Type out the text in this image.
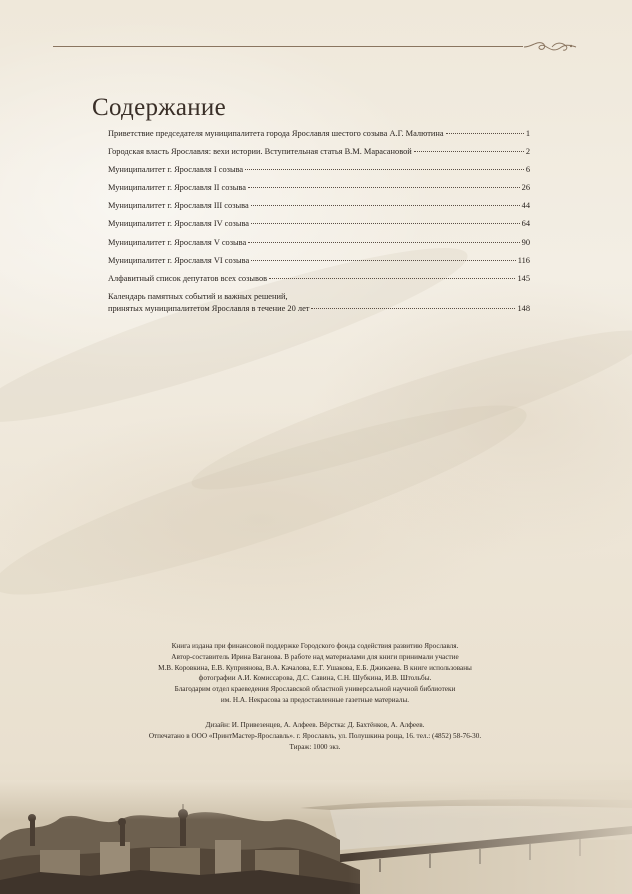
Содержание
Приветствие председателя муниципалитета города Ярославля шестого созыва А.Г. Малютина	1
Городская власть Ярославля: вехи истории. Вступительная статья В.М. Марасановой	2
Муниципалитет г. Ярославля I созыва	6
Муниципалитет г. Ярославля II созыва	26
Муниципалитет г. Ярославля III созыва	44
Муниципалитет г. Ярославля IV созыва	64
Муниципалитет г. Ярославля V созыва	90
Муниципалитет г. Ярославля VI созыва	116
Алфавитный список депутатов всех созывов	145
Календарь памятных событий и важных решений,
принятых муниципалитетом Ярославля в течение 20 лет	148
Книга издана при финансовой поддержке Городского фонда содействия развитию Ярославля.
Автор-составитель Ирина Ваганова. В работе над материалами для книги принимали участие
М.В. Коровкина, Е.В. Куприянова, В.А. Качалова, Е.Г. Ушакова, Е.Б. Джикаева. В книге использованы
фотографии А.И. Комиссарова, Д.С. Савина, С.Н. Шубкина, И.В. Штольбы.
Благодарим отдел краеведения Ярославской областной универсальной научной библиотеки
им. Н.А. Некрасова за предоставленные газетные материалы.
Дизайн: И. Привезенцев, А. Алфеев. Вёрстка: Д. Бахтёнков, А. Алфеев.
Отпечатано в ООО «ПринтМастер-Ярославль». г. Ярославль, ул. Полушкина роща, 16. тел.: (4852) 58-76-30.
Тираж: 1000 экз.
